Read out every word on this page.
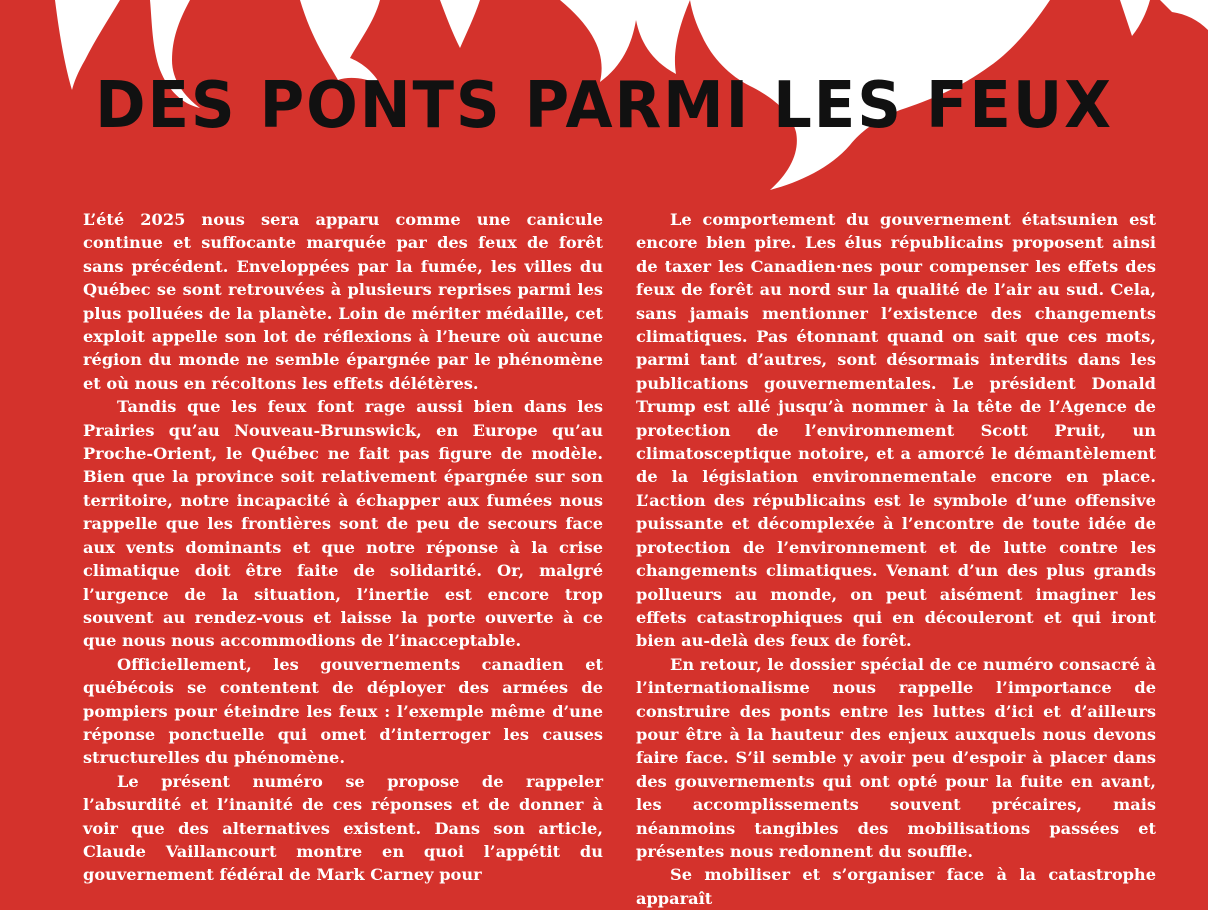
DES PONTS PARMI LES FEUX

L’été 2025 nous sera apparu comme une canicule continue et suffocante marquée par des feux de forêt sans précédent. Enveloppées par la fumée, les villes du Québec se sont retrouvées à plusieurs reprises parmi les plus polluées de la planète. Loin de mériter médaille, cet exploit appelle son lot de réflexions à l’heure où aucune région du monde ne semble épargnée par le phénomène et où nous en récoltons les effets délétères.

Tandis que les feux font rage aussi bien dans les Prairies qu’au Nouveau-Brunswick, en Europe qu’au Proche-Orient, le Québec ne fait pas figure de modèle. Bien que la province soit relativement épargnée sur son territoire, notre incapacité à échapper aux fumées nous rappelle que les frontières sont de peu de secours face aux vents dominants et que notre réponse à la crise climatique doit être faite de solidarité. Or, malgré l’urgence de la situation, l’inertie est encore trop souvent au rendez-vous et laisse la porte ouverte à ce que nous nous accommodions de l’inacceptable.

Officiellement, les gouvernements canadien et québécois se contentent de déployer des armées de pompiers pour éteindre les feux : l’exemple même d’une réponse ponctuelle qui omet d’interroger les causes structurelles du phénomène.

Le présent numéro se propose de rappeler l’absurdité et l’inanité de ces réponses et de donner à voir que des alternatives existent. Dans son article, Claude Vaillancourt montre en quoi l’appétit du gouvernement fédéral de Mark Carney pour

Le comportement du gouvernement étatsunien est encore bien pire. Les élus républicains proposent ainsi de taxer les Canadien·nes pour compenser les effets des feux de forêt au nord sur la qualité de l’air au sud. Cela, sans jamais mentionner l’existence des changements climatiques. Pas étonnant quand on sait que ces mots, parmi tant d’autres, sont désormais interdits dans les publications gouvernementales. Le président Donald Trump est allé jusqu’à nommer à la tête de l’Agence de protection de l’environnement Scott Pruit, un climatosceptique notoire, et a amorcé le démantèlement de la législation environnementale encore en place. L’action des républicains est le symbole d’une offensive puissante et décomplexée à l’encontre de toute idée de protection de l’environnement et de lutte contre les changements climatiques. Venant d’un des plus grands pollueurs au monde, on peut aisément imaginer les effets catastrophiques qui en découleront et qui iront bien au-delà des feux de forêt.

En retour, le dossier spécial de ce numéro consacré à l’internationalisme nous rappelle l’importance de construire des ponts entre les luttes d’ici et d’ailleurs pour être à la hauteur des enjeux auxquels nous devons faire face. S’il semble y avoir peu d’espoir à placer dans des gouvernements qui ont opté pour la fuite en avant, les accomplissements souvent précaires, mais néanmoins tangibles des mobilisations passées et présentes nous redonnent du souffle.

Se mobiliser et s’organiser face à la catastrophe apparaît
